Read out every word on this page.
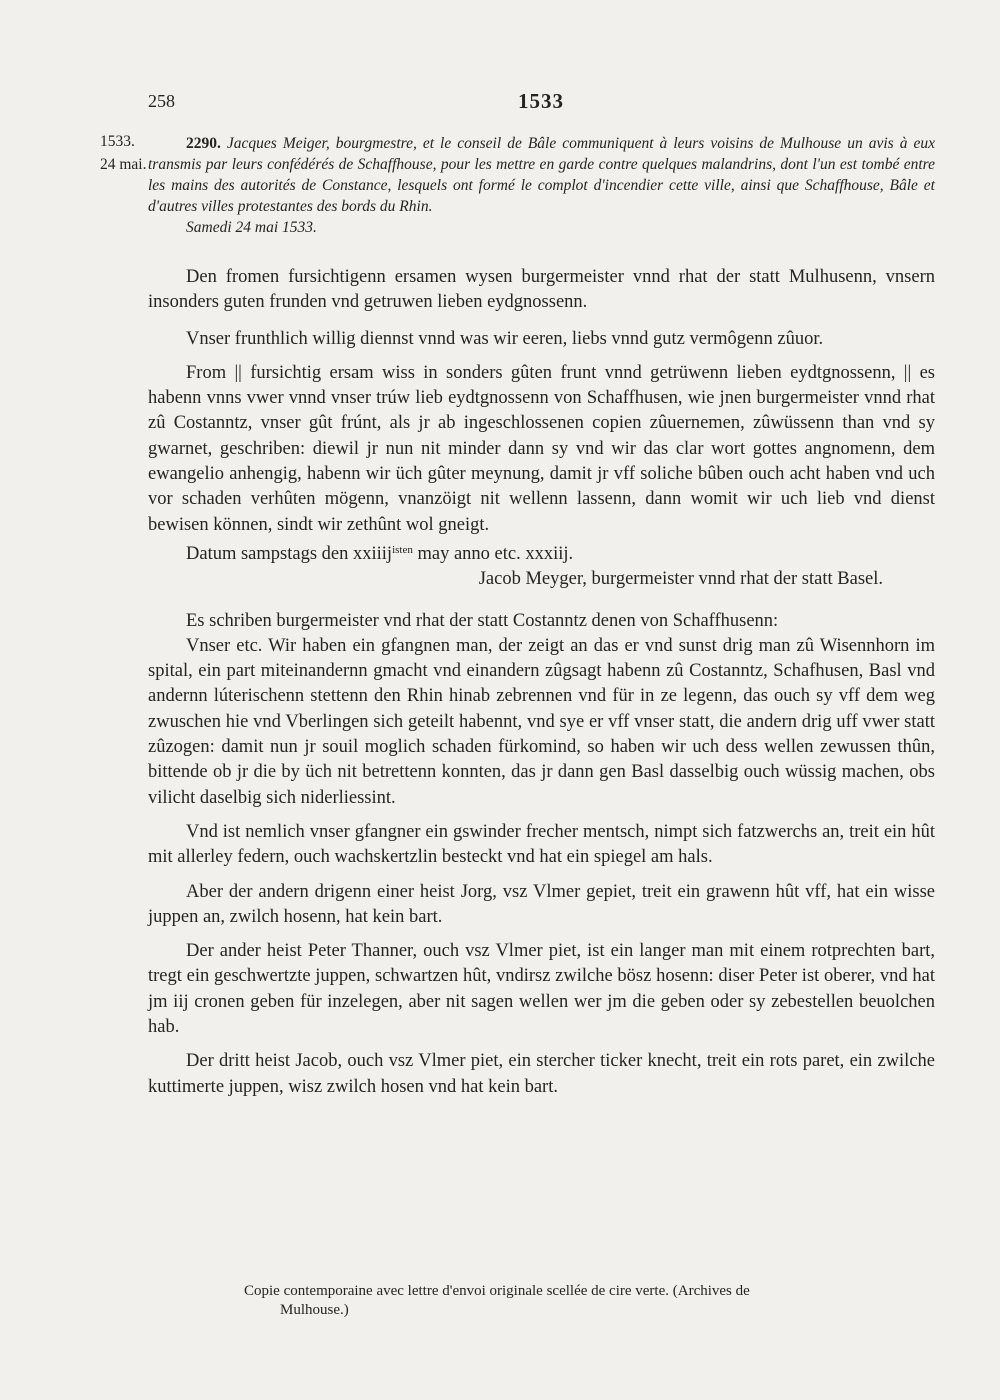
258	1533
1533.
24 mai.
2290. Jacques Meiger, bourgmestre, et le conseil de Bâle communiquent à leurs voisins de Mulhouse un avis à eux transmis par leurs confédérés de Schaffhouse, pour les mettre en garde contre quelques malandrins, dont l'un est tombé entre les mains des autorités de Constance, lesquels ont formé le complot d'incendier cette ville, ainsi que Schaffhouse, Bâle et d'autres villes protestantes des bords du Rhin.
Samedi 24 mai 1533.

Den fromen fursichtigenn ersamen wysen burgermeister vnnd rhat der statt Mulhusenn, vnsern insonders guten frunden vnd getruwen lieben eydgnossenn.

Vnser frunthlich willig diennst vnnd was wir eeren, liebs vnnd gutz vermôgenn zûuor.

From || fursichtig ersam wiss in sonders gûten frunt vnnd getrüwenn lieben eydtgnossenn, || es habenn vnns vwer vnnd vnser trúw lieb eydtgnossenn von Schaffhusen, wie jnen burgermeister vnnd rhat zû Costanntz, vnser gût frúnt, als jr ab ingeschlossenen copien zûuernemen, zûwüssenn than vnd sy gwarnet, geschriben: diewil jr nun nit minder dann sy vnd wir das clar wort gottes angnomenn, dem ewangelio anhengig, habenn wir üch gûter meynung, damit jr vff soliche bûben ouch acht haben vnd uch vor schaden verhûten mögenn, vnanzöigt nit wellenn lassenn, dann womit wir uch lieb vnd dienst bewisen können, sindt wir zethûnt wol gneigt.

Datum sampstags den xxiiij$^{isten}$ may anno etc. xxxiij.

Jacob Meyger, burgermeister vnnd rhat der statt Basel.

Es schriben burgermeister vnd rhat der statt Costanntz denen von Schaffhusenn:

Vnser etc. Wir haben ein gfangnen man, der zeigt an das er vnd sunst drig man zû Wisennhorn im spital, ein part miteinandernn gmacht vnd einandern zûgsagt habenn zû Costanntz, Schafhusen, Basl vnd andernn lúterischenn stettenn den Rhin hinab zebrennen vnd für in ze legenn, das ouch sy vff dem weg zwuschen hie vnd Vberlingen sich geteilt habennt, vnd sye er vff vnser statt, die andern drig uff vwer statt zûzogen: damit nun jr souil moglich schaden fürkomind, so haben wir uch dess wellen zewussen thûn, bittende ob jr die by üch nit betrettenn konnten, das jr dann gen Basl dasselbig ouch wüssig machen, obs vilicht daselbig sich niderliessint.

Vnd ist nemlich vnser gfangner ein gswinder frecher mentsch, nimpt sich fatzwerchs an, treit ein hût mit allerley federn, ouch wachskertzlin besteckt vnd hat ein spiegel am hals.

Aber der andern drigenn einer heist Jorg, vsz Vlmer gepiet, treit ein grawenn hût vff, hat ein wisse juppen an, zwilch hosenn, hat kein bart.

Der ander heist Peter Thanner, ouch vsz Vlmer piet, ist ein langer man mit einem rotprechten bart, tregt ein geschwertzte juppen, schwartzen hût, vndirsz zwilche bösz hosenn: diser Peter ist oberer, vnd hat jm iij cronen geben für inzelegen, aber nit sagen wellen wer jm die geben oder sy zebestellen beuolchen hab.

Der dritt heist Jacob, ouch vsz Vlmer piet, ein stercher ticker knecht, treit ein rots paret, ein zwilche kuttimerte juppen, wisz zwilch hosen vnd hat kein bart.

Copie contemporaine avec lettre d'envoi originale scellée de cire verte. (Archives de
Mulhouse.)
